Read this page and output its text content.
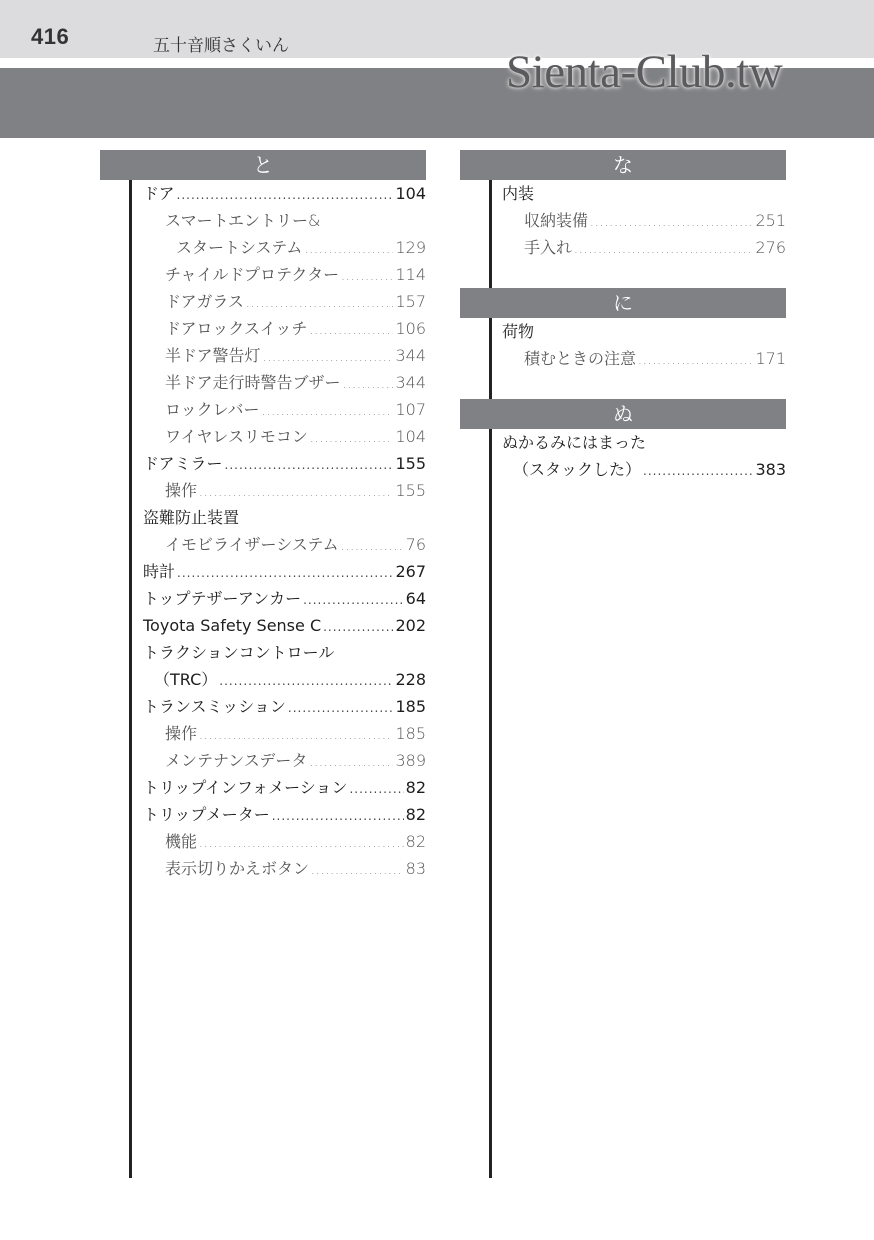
416	五十音順さくいん	Sienta-Club.tw
と
ドア .....	104
スマートエントリー&
スタートシステム .....	129
チャイルドプロテクター .....	114
ドアガラス .....	157
ドアロックスイッチ .....	106
半ドア警告灯 .....	344
半ドア走行時警告ブザー .....	344
ロックレバー .....	107
ワイヤレスリモコン .....	104
ドアミラー .....	155
操作 .....	155
盗難防止装置
イモビライザーシステム .....	76
時計 .....	267
トップテザーアンカー .....	64
Toyota Safety Sense C .....	202
トラクションコントロール
（TRC） .....	228
トランスミッション .....	185
操作 .....	185
メンテナンスデータ .....	389
トリップインフォメーション .....	82
トリップメーター .....	82
機能 .....	82
表示切りかえボタン .....	83
な
内装
収納装備 .....	251
手入れ .....	276
に
荷物
積むときの注意 .....	171
ぬ
ぬかるみにはまった
（スタックした） .....	383
